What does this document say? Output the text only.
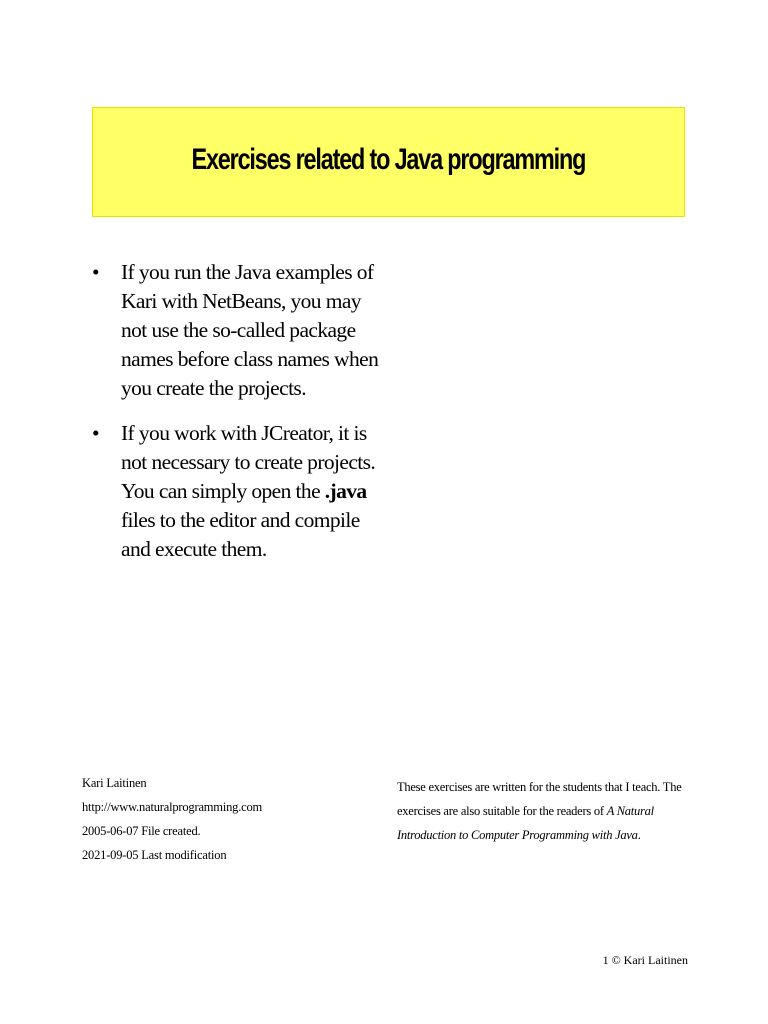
Exercises related to Java programming
• If you run the Java examples of Kari with NetBeans, you may not use the so-called package names before class names when you create the projects.
• If you work with JCreator, it is not necessary to create projects. You can simply open the .java files to the editor and compile and execute them.
Kari Laitinen
http://www.naturalprogramming.com
2005-06-07 File created.
2021-09-05 Last modification
These exercises are written for the students that I teach. The exercises are also suitable for the readers of A Natural Introduction to Computer Programming with Java.
1 © Kari Laitinen
